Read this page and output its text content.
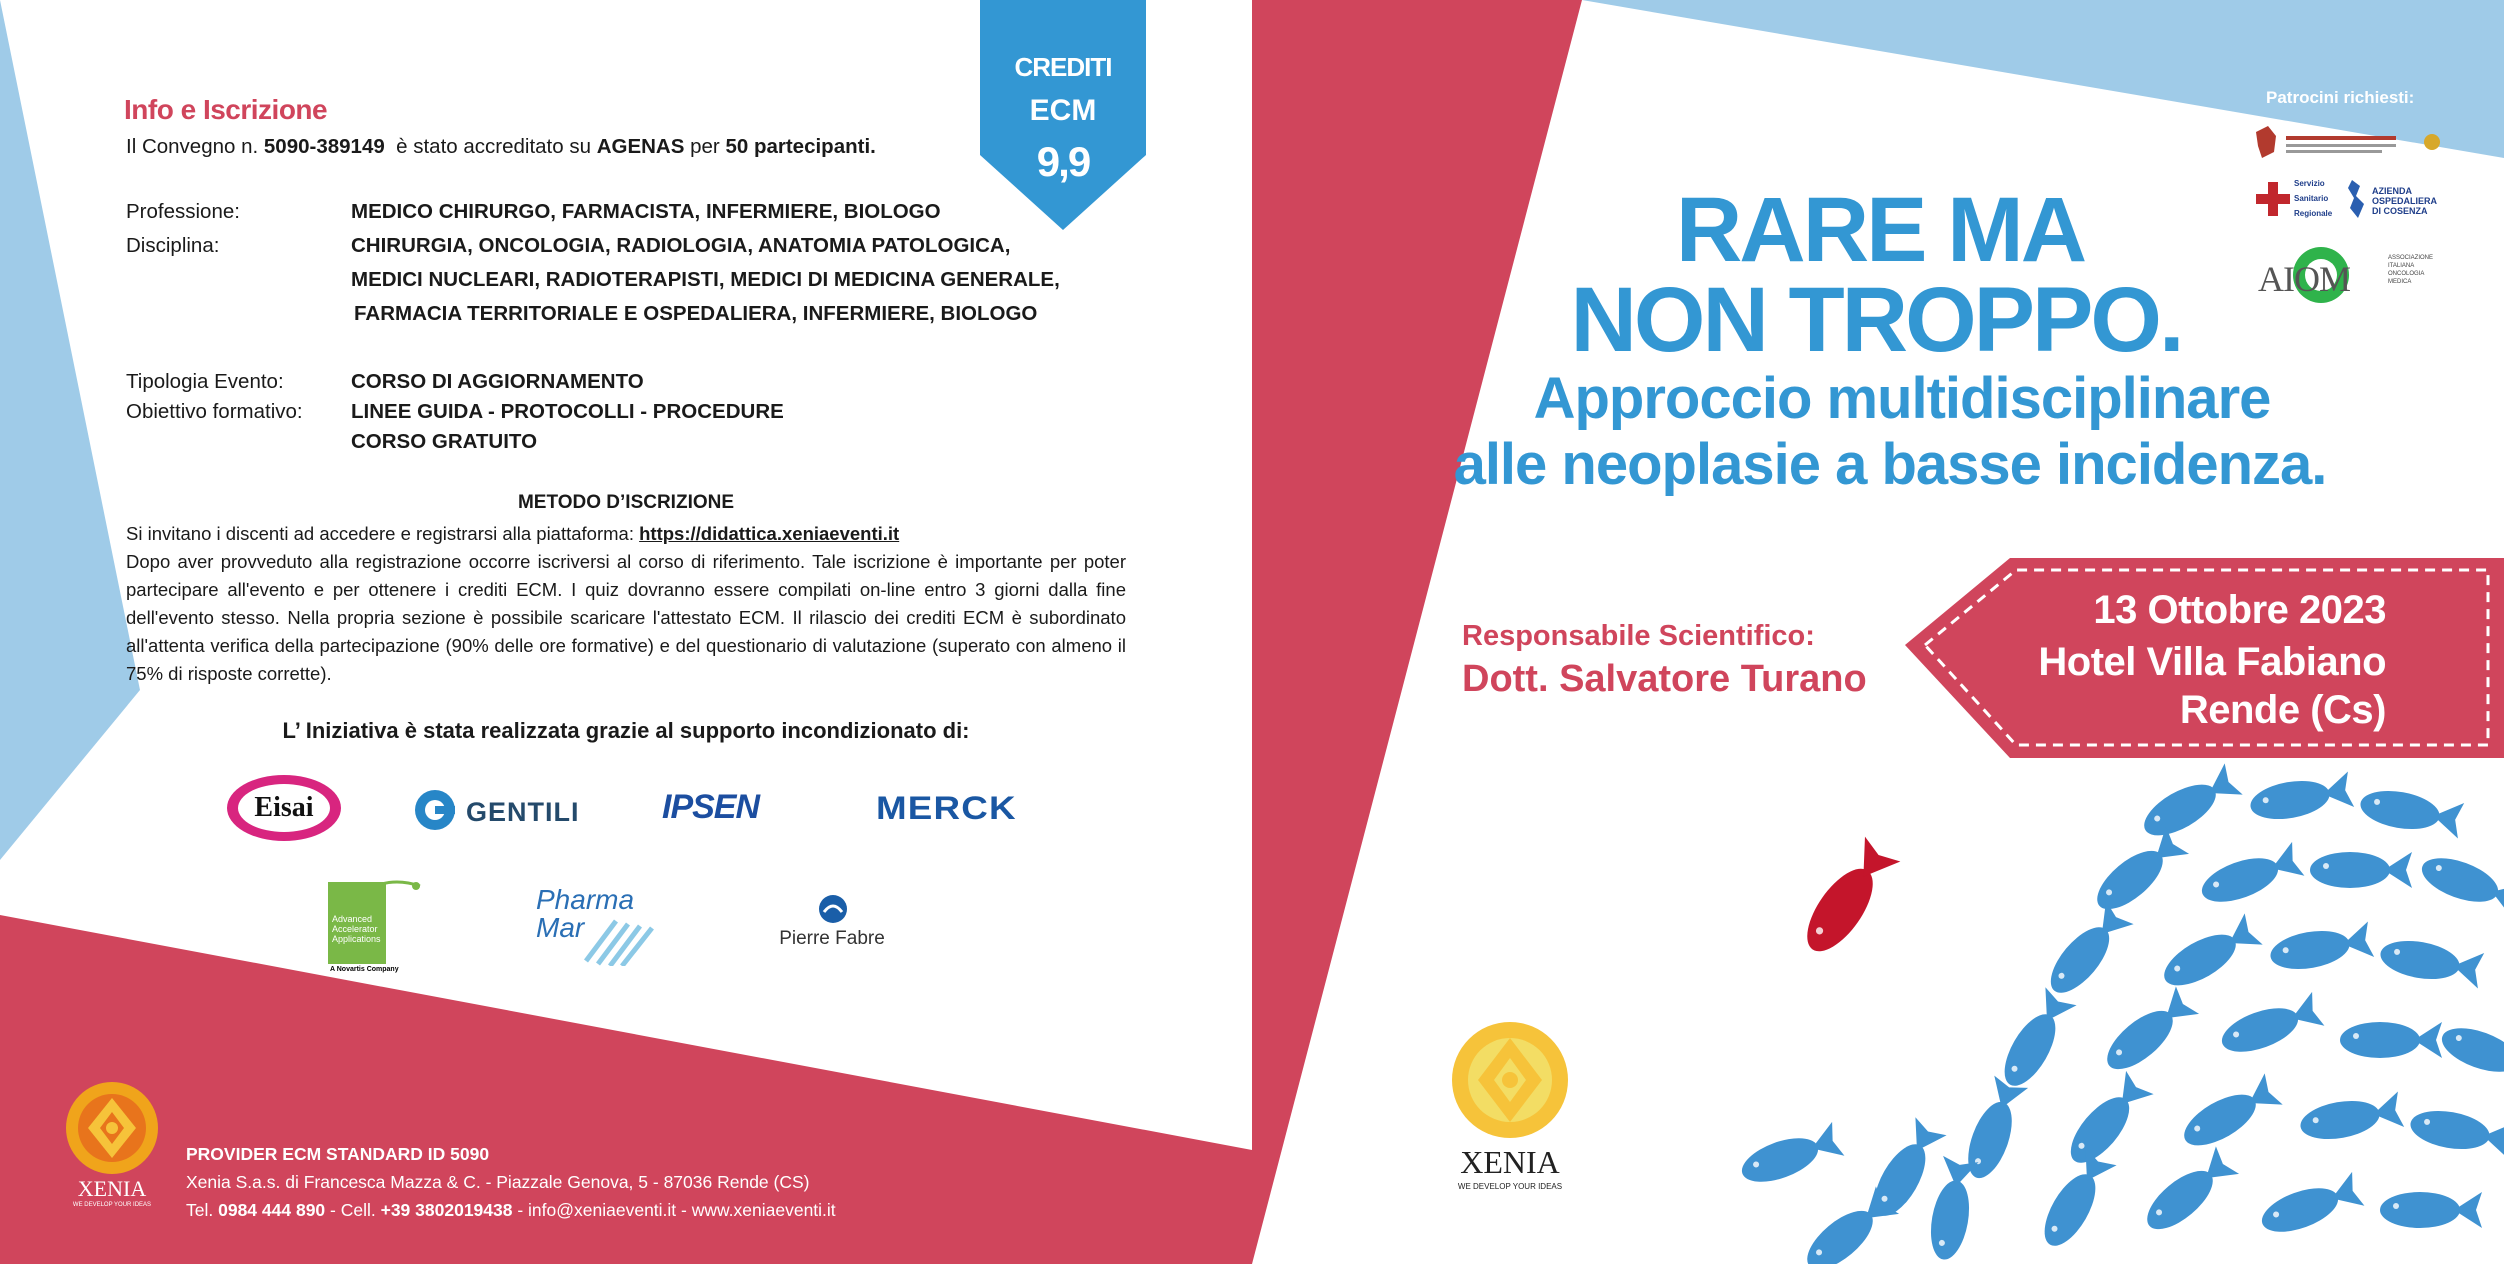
Info e Iscrizione
Il Convegno n. 5090-389149  è stato accreditato su AGENAS per 50 partecipanti.
Professione:	MEDICO CHIRURGO, FARMACISTA, INFERMIERE, BIOLOGO
Disciplina:	CHIRURGIA, ONCOLOGIA, RADIOLOGIA, ANATOMIA PATOLOGICA,
MEDICI NUCLEARI, RADIOTERAPISTI, MEDICI DI MEDICINA GENERALE,
FARMACIA TERRITORIALE E OSPEDALIERA, INFERMIERE, BIOLOGO
Tipologia Evento:	CORSO DI AGGIORNAMENTO
Obiettivo formativo: LINEE GUIDA - PROTOCOLLI - PROCEDURE
CORSO GRATUITO
METODO D’ISCRIZIONE
Si invitano i discenti ad accedere e registrarsi alla piattaforma: https://didattica.xeniaeventi.it
Dopo aver provveduto alla registrazione occorre iscriversi al corso di riferimento. Tale iscrizione è importante per poter partecipare all'evento e per ottenere i crediti ECM. I quiz dovranno essere compilati on-line entro 3 giorni dalla fine dell'evento stesso. Nella propria sezione è possibile scaricare l'attestato ECM. Il rilascio dei crediti ECM è subordinato all'attenta verifica della partecipazione (90% delle ore formative) e del questionario di valutazione (superato con almeno il 75% di risposte corrette).
L’ Iniziativa è stata realizzata grazie al supporto incondizionato di:
CREDITI
ECM
9,9
Eisai	GENTILI IPSEN	MERCK
Advanced
Accelerator
Applications
A Novartis Company
Pharma
Mar	Pierre Fabre
XENIA
WE DEVELOP YOUR IDEAS
PROVIDER ECM STANDARD ID 5090
Xenia S.a.s. di Francesca Mazza & C. - Piazzale Genova, 5 - 87036 Rende (CS)
Tel. 0984 444 890 - Cell. +39 3802019438 - info@xeniaeventi.it - www.xeniaeventi.it
Patrocini richiesti:
Servizio
Sanitario
Regionale
AZIENDA
OSPEDALIERA
DI COSENZA
AIOM
ASSOCIAZIONE
ITALIANA
ONCOLOGIA
MEDICA
RARE MA
NON TROPPO.
Approccio multidisciplinare
alle neoplasie a basse incidenza.
Responsabile Scientifico:
Dott. Salvatore Turano
13 Ottobre 2023
Hotel Villa Fabiano
Rende (Cs)
XENIA
WE DEVELOP YOUR IDEAS
